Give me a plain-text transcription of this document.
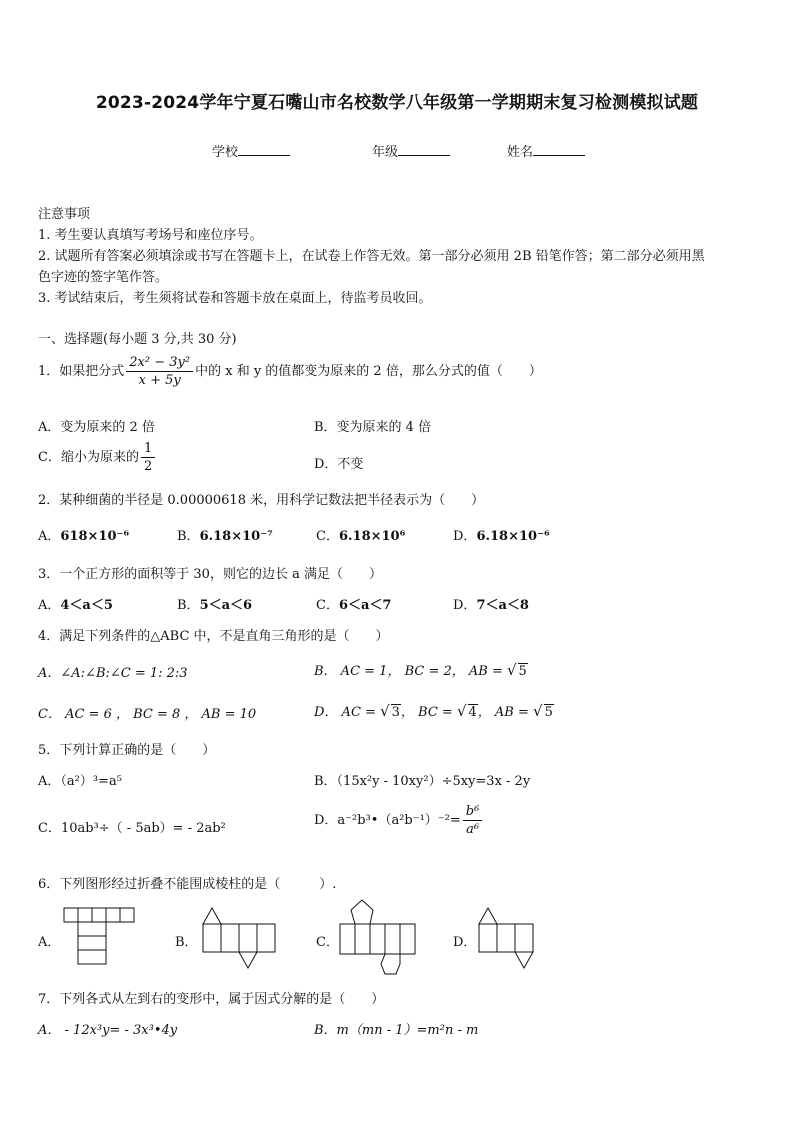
2023-2024学年宁夏石嘴山市名校数学八年级第一学期期末复习检测模拟试题
学校	年级	姓名
注意事项
1. 考生要认真填写考场号和座位序号。
2. 试题所有答案必须填涂或书写在答题卡上，在试卷上作答无效。第一部分必须用 2B 铅笔作答；第二部分必须用黑
色字迹的签字笔作答。
3. 考试结束后，考生须将试卷和答题卡放在桌面上，待监考员收回。
一、选择题(每小题 3 分,共 30 分)
1．如果把分式 $\frac{\text{2x² − 3y²}}{x + 5y}$ 中的 x 和 y 的值都变为原来的 2 倍，那么分式的值（　　）
A．变为原来的 2 倍	B．变为原来的 4 倍
C．缩小为原来的 $\frac{1}{2}$	D．不变
2．某种细菌的半径是 0.00000618 米，用科学记数法把半径表示为（　　）
A．618×10⁻⁶	B．6.18×10⁻⁷	C．6.18×10⁶	D．6.18×10⁻⁶
3．一个正方形的面积等于 30，则它的边长 a 满足（　　）
A．4＜a＜5	B．5＜a＜6	C．6＜a＜7	D．7＜a＜8
4．满足下列条件的△ABC 中，不是直角三角形的是（　　）
A．∠A:∠B:∠C = 1: 2:3	B． AC = 1， BC = 2， AB = √ 5
C． AC = 6 ， BC = 8 ， AB = 10	D． AC = √ 3， BC = √ 4， AB = √ 5
5．下列计算正确的是（　　）
A．（a²）³=a⁵	B．（15x²y - 10xy²）÷5xy=3x - 2y
C．10ab³÷（ - 5ab）= - 2ab²
D．a⁻²b³•（a²b⁻¹）⁻²= $\frac{\text{b⁶}}{\text{a⁶}}$
6．下列图形经过折叠不能围成棱柱的是（　　　）.
A．	B．	C．	D．
7．下列各式从左到右的变形中，属于因式分解的是（　　）
A． - 12x³y= - 3x³•4y	B．m（mn - 1）=m²n - m
